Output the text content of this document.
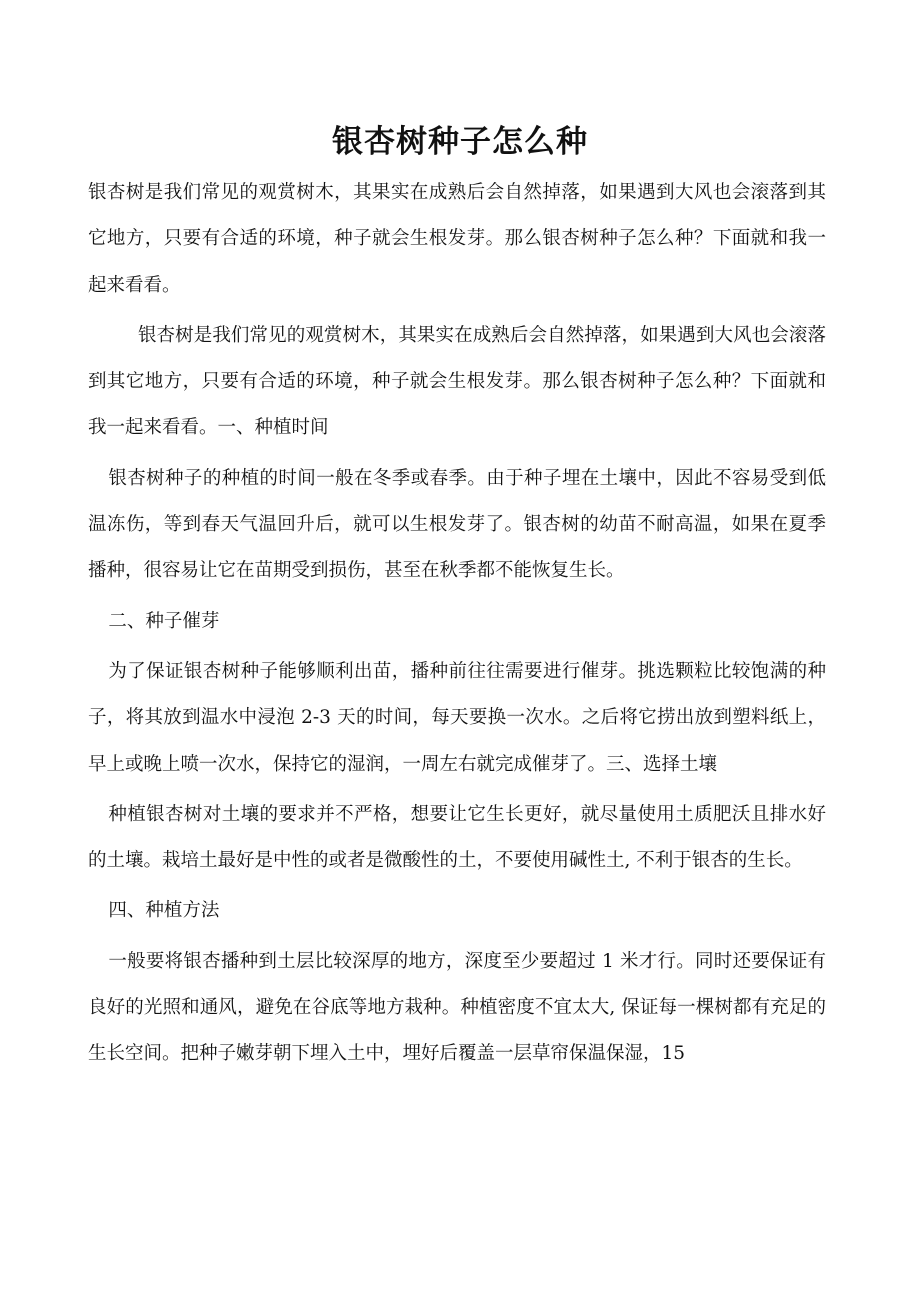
银杏树种子怎么种

银杏树是我们常见的观赏树木，其果实在成熟后会自然掉落，如果遇到大风也会滚落到其它地方，只要有合适的环境，种子就会生根发芽。那么银杏树种子怎么种？下面就和我一起来看看。

银杏树是我们常见的观赏树木，其果实在成熟后会自然掉落，如果遇到大风也会滚落到其它地方，只要有合适的环境，种子就会生根发芽。那么银杏树种子怎么种？下面就和我一起来看看。一、种植时间

银杏树种子的种植的时间一般在冬季或春季。由于种子埋在土壤中，因此不容易受到低温冻伤，等到春天气温回升后，就可以生根发芽了。银杏树的幼苗不耐高温，如果在夏季播种，很容易让它在苗期受到损伤，甚至在秋季都不能恢复生长。

二、种子催芽

为了保证银杏树种子能够顺利出苗，播种前往往需要进行催芽。挑选颗粒比较饱满的种子，将其放到温水中浸泡 2-3 天的时间，每天要换一次水。之后将它捞出放到塑料纸上，早上或晚上喷一次水，保持它的湿润，一周左右就完成催芽了。三、选择土壤

种植银杏树对土壤的要求并不严格，想要让它生长更好，就尽量使用土质肥沃且排水好的土壤。栽培土最好是中性的或者是微酸性的土，不要使用碱性土, 不利于银杏的生长。

四、种植方法

一般要将银杏播种到土层比较深厚的地方，深度至少要超过 1 米才行。同时还要保证有良好的光照和通风，避免在谷底等地方栽种。种植密度不宜太大, 保证每一棵树都有充足的生长空间。把种子嫩芽朝下埋入土中，埋好后覆盖一层草帘保温保湿，15
